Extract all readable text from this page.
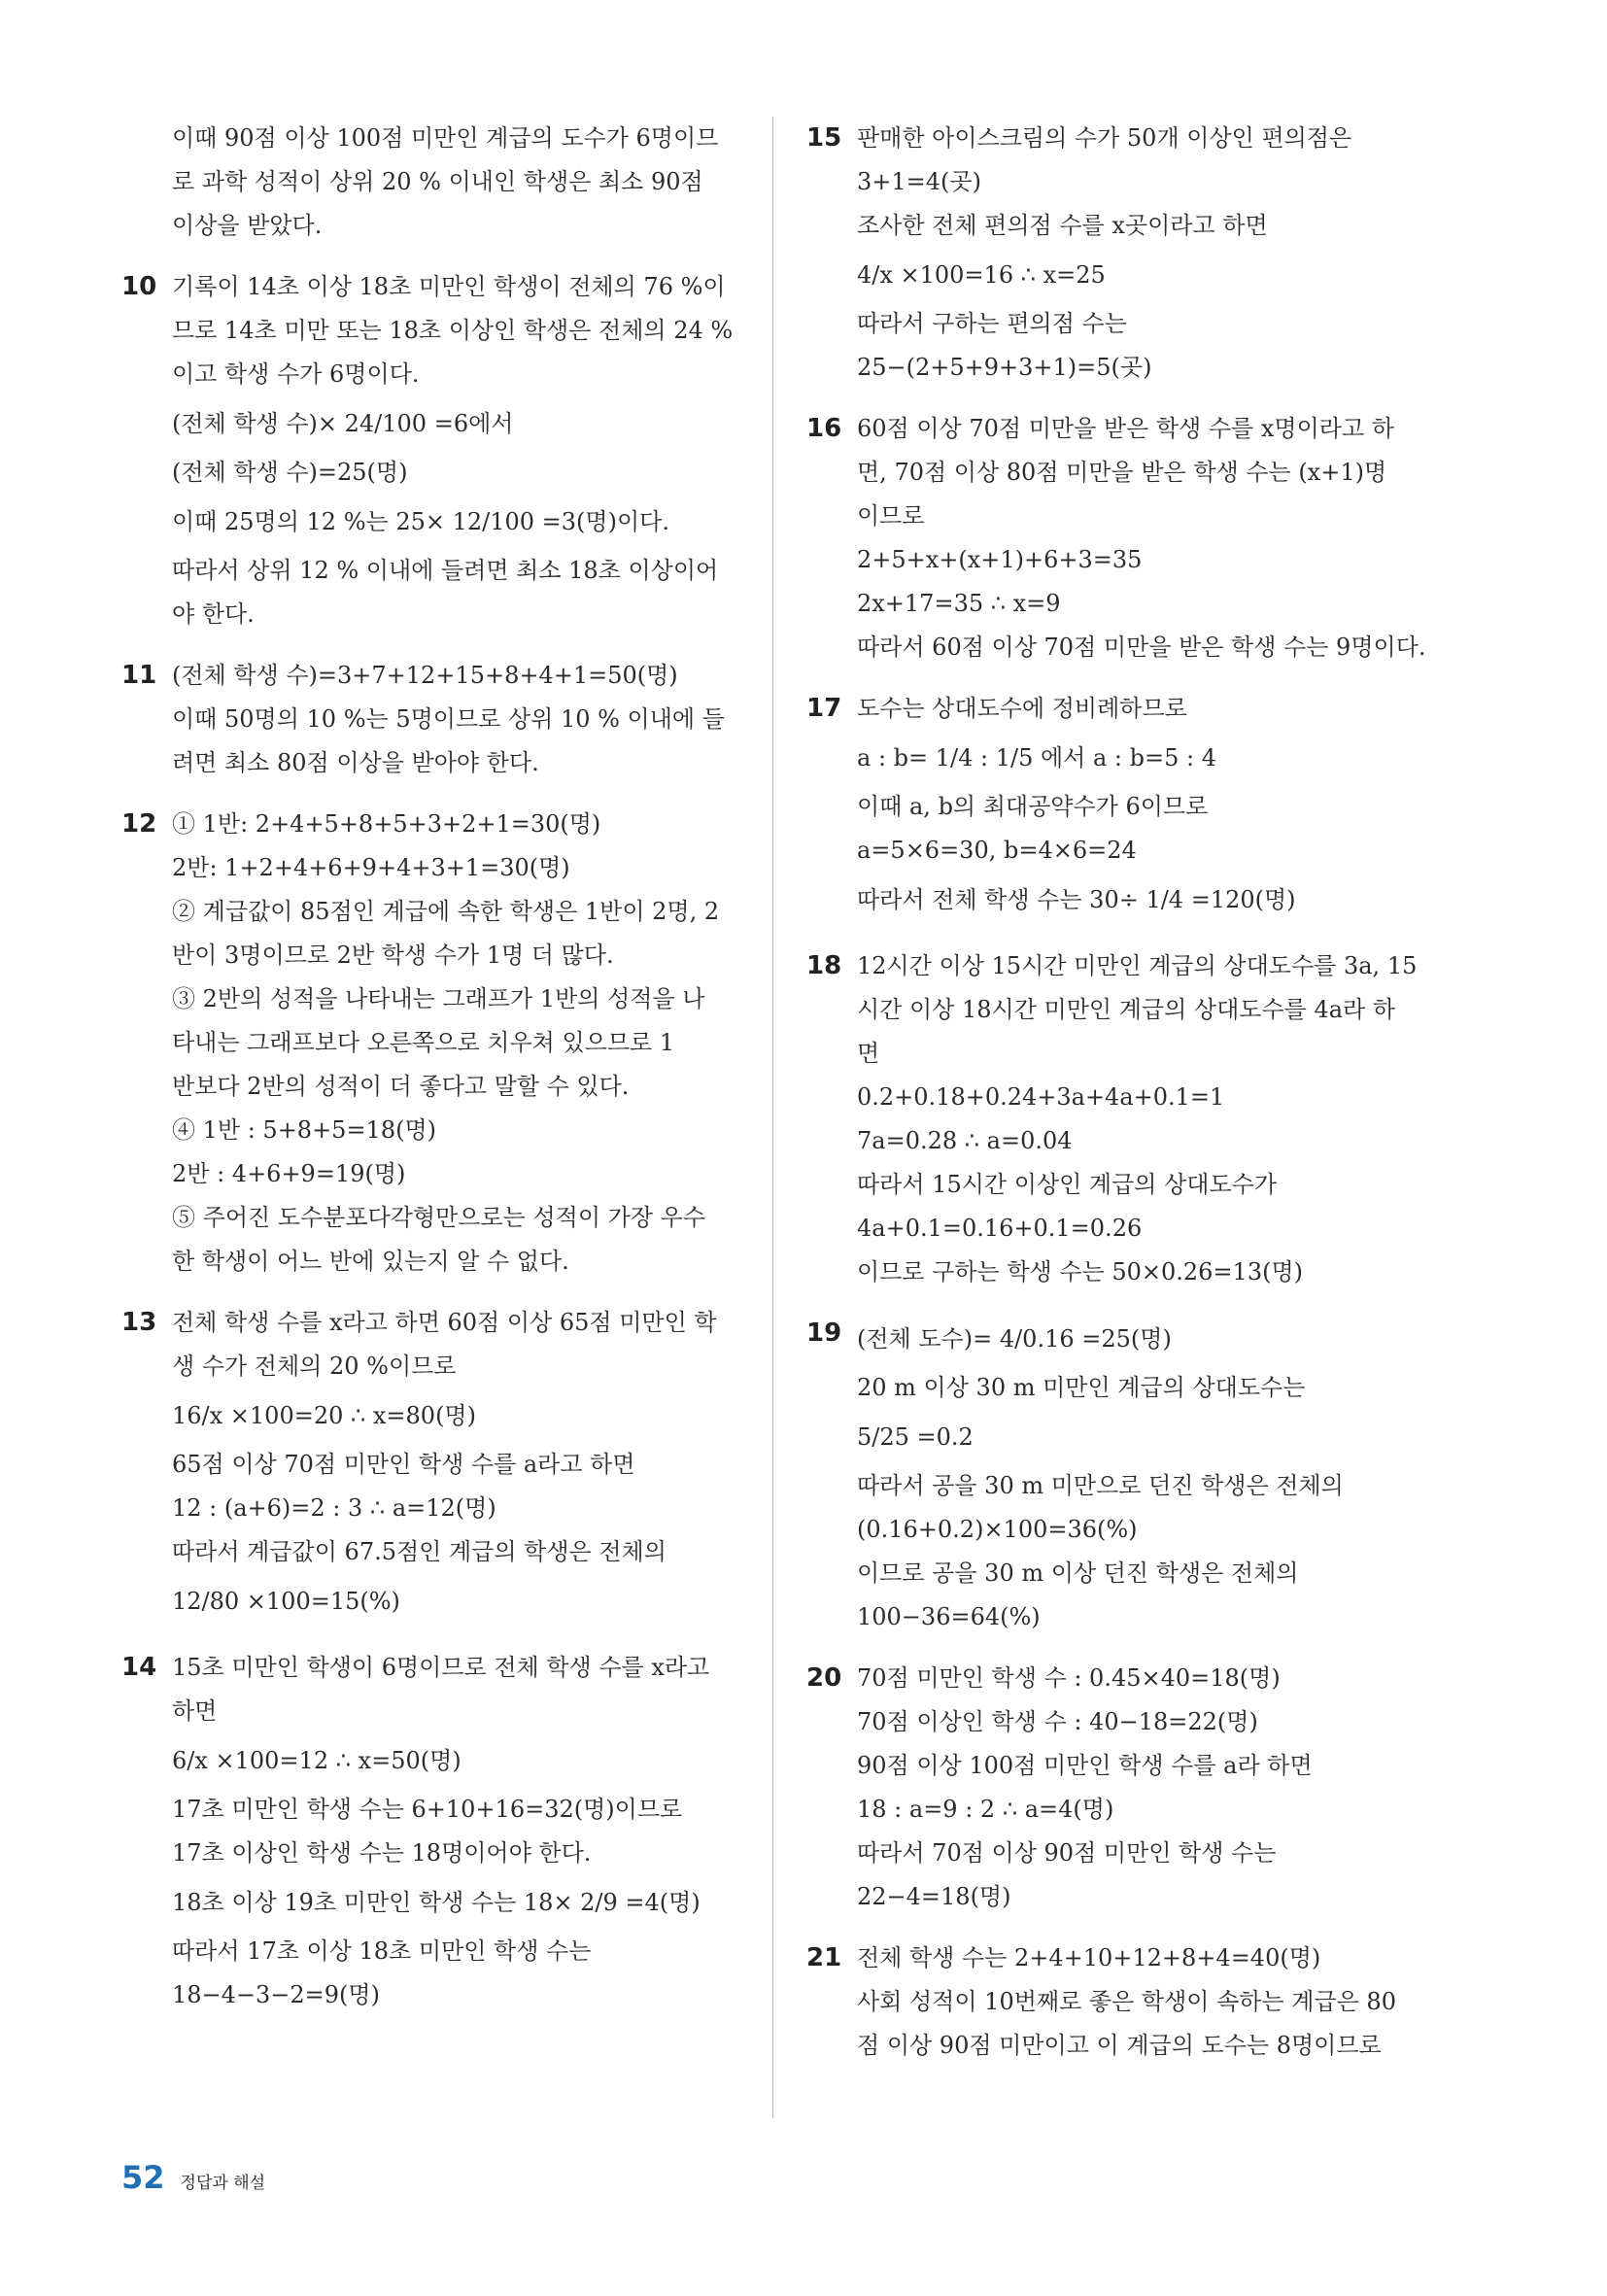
이때 90점 이상 100점 미만인 계급의 도수가 6명이므
로 과학 성적이 상위 20 % 이내인 학생은 최소 90점
이상을 받았다.
10 기록이 14초 이상 18초 미만인 학생이 전체의 76 %이
므로 14초 미만 또는 18초 이상인 학생은 전체의 24 %
이고 학생 수가 6명이다.
(전체 학생 수)× 24/100 =6에서
(전체 학생 수)=25(명)
이때 25명의 12 %는 25× 12/100 =3(명)이다.
따라서 상위 12 % 이내에 들려면 최소 18초 이상이어
야 한다.
11 (전체 학생 수)=3+7+12+15+8+4+1=50(명)
이때 50명의 10 %는 5명이므로 상위 10 % 이내에 들
려면 최소 80점 이상을 받아야 한다.
12 ① 1반: 2+4+5+8+5+3+2+1=30(명)
2반: 1+2+4+6+9+4+3+1=30(명)
② 계급값이 85점인 계급에 속한 학생은 1반이 2명, 2
반이 3명이므로 2반 학생 수가 1명 더 많다.
③ 2반의 성적을 나타내는 그래프가 1반의 성적을 나
타내는 그래프보다 오른쪽으로 치우쳐 있으므로 1
반보다 2반의 성적이 더 좋다고 말할 수 있다.
④ 1반 : 5+8+5=18(명)
2반 : 4+6+9=19(명)
⑤ 주어진 도수분포다각형만으로는 성적이 가장 우수
한 학생이 어느 반에 있는지 알 수 없다.
13 전체 학생 수를 x라고 하면 60점 이상 65점 미만인 학
생 수가 전체의 20 %이므로
16/x ×100=20 ∴ x=80(명)
65점 이상 70점 미만인 학생 수를 a라고 하면
12 : (a+6)=2 : 3 ∴ a=12(명)
따라서 계급값이 67.5점인 계급의 학생은 전체의
12/80 ×100=15(%)
14 15초 미만인 학생이 6명이므로 전체 학생 수를 x라고
하면
6/x ×100=12 ∴ x=50(명)
17초 미만인 학생 수는 6+10+16=32(명)이므로
17초 이상인 학생 수는 18명이어야 한다.
18초 이상 19초 미만인 학생 수는 18× 2/9 =4(명)
따라서 17초 이상 18초 미만인 학생 수는
18−4−3−2=9(명)
15 판매한 아이스크림의 수가 50개 이상인 편의점은
3+1=4(곳)
조사한 전체 편의점 수를 x곳이라고 하면
4/x ×100=16 ∴ x=25
따라서 구하는 편의점 수는
25−(2+5+9+3+1)=5(곳)
16 60점 이상 70점 미만을 받은 학생 수를 x명이라고 하
면, 70점 이상 80점 미만을 받은 학생 수는 (x+1)명
이므로
2+5+x+(x+1)+6+3=35
2x+17=35 ∴ x=9
따라서 60점 이상 70점 미만을 받은 학생 수는 9명이다.
17 도수는 상대도수에 정비례하므로
a : b= 1/4 : 1/5 에서 a : b=5 : 4
이때 a, b의 최대공약수가 6이므로
a=5×6=30, b=4×6=24
따라서 전체 학생 수는 30÷ 1/4 =120(명)
18 12시간 이상 15시간 미만인 계급의 상대도수를 3a, 15
시간 이상 18시간 미만인 계급의 상대도수를 4a라 하
면
0.2+0.18+0.24+3a+4a+0.1=1
7a=0.28 ∴ a=0.04
따라서 15시간 이상인 계급의 상대도수가
4a+0.1=0.16+0.1=0.26
이므로 구하는 학생 수는 50×0.26=13(명)
19 (전체 도수)= 4/0.16 =25(명)
20 m 이상 30 m 미만인 계급의 상대도수는
5/25 =0.2
따라서 공을 30 m 미만으로 던진 학생은 전체의
(0.16+0.2)×100=36(%)
이므로 공을 30 m 이상 던진 학생은 전체의
100−36=64(%)
20 70점 미만인 학생 수 : 0.45×40=18(명)
70점 이상인 학생 수 : 40−18=22(명)
90점 이상 100점 미만인 학생 수를 a라 하면
18 : a=9 : 2 ∴ a=4(명)
따라서 70점 이상 90점 미만인 학생 수는
22−4=18(명)
21 전체 학생 수는 2+4+10+12+8+4=40(명)
사회 성적이 10번째로 좋은 학생이 속하는 계급은 80
점 이상 90점 미만이고 이 계급의 도수는 8명이므로
52 정답과 해설
